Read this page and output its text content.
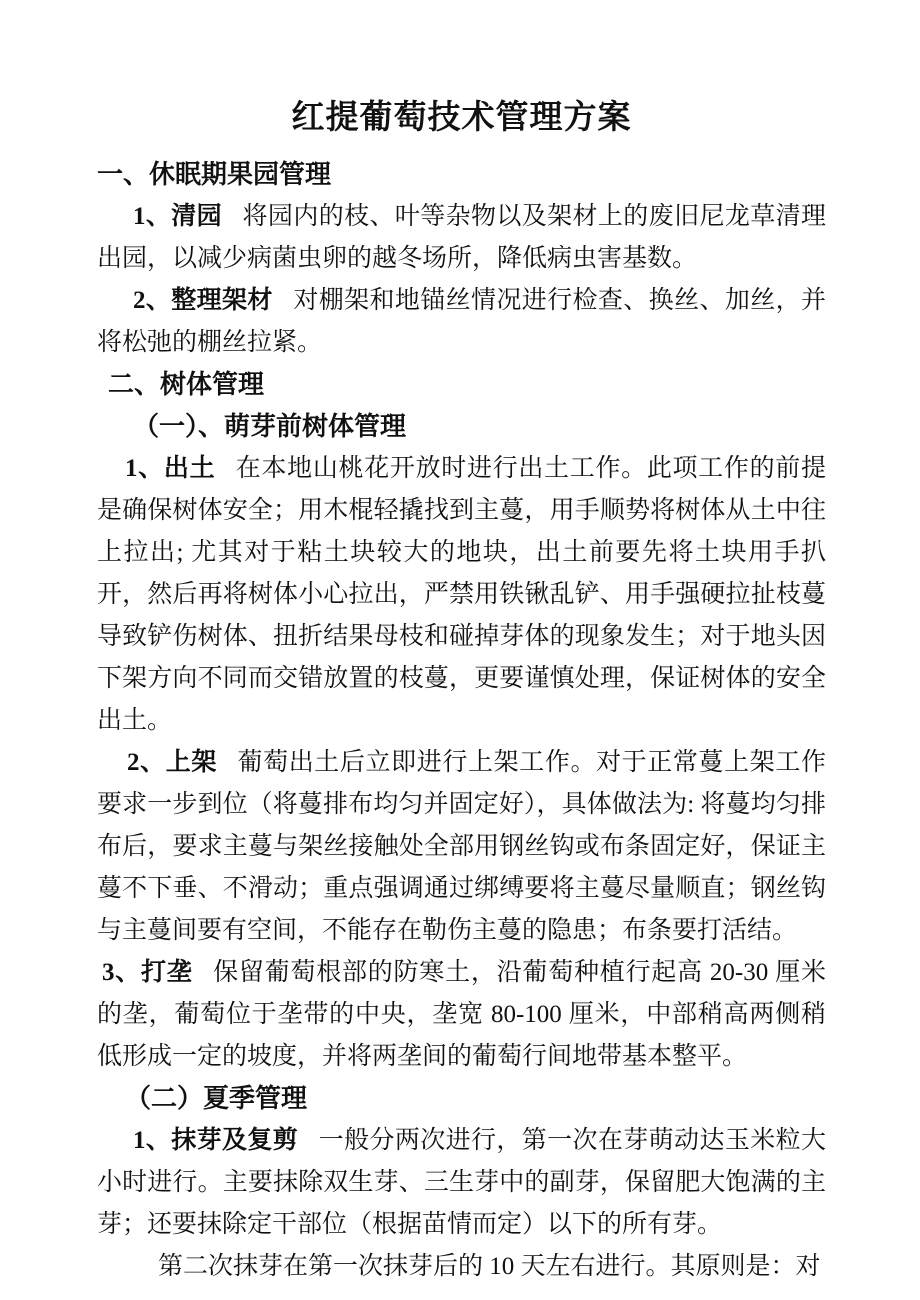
红提葡萄技术管理方案
一、休眠期果园管理

1、清园 将园内的枝、叶等杂物以及架材上的废旧尼龙草清理出园，以减少病菌虫卵的越冬场所，降低病虫害基数。

2、整理架材 对棚架和地锚丝情况进行检查、换丝、加丝，并将松弛的棚丝拉紧。

二、树体管理
（一）、萌芽前树体管理

1、出土 在本地山桃花开放时进行出土工作。此项工作的前提是确保树体安全；用木棍轻撬找到主蔓，用手顺势将树体从土中往上拉出; 尤其对于粘土块较大的地块，出土前要先将土块用手扒开，然后再将树体小心拉出，严禁用铁锹乱铲、用手强硬拉扯枝蔓导致铲伤树体、扭折结果母枝和碰掉芽体的现象发生；对于地头因下架方向不同而交错放置的枝蔓，更要谨慎处理，保证树体的安全出土。

2、上架 葡萄出土后立即进行上架工作。对于正常蔓上架工作要求一步到位（将蔓排布均匀并固定好），具体做法为: 将蔓均匀排布后，要求主蔓与架丝接触处全部用钢丝钩或布条固定好，保证主蔓不下垂、不滑动；重点强调通过绑缚要将主蔓尽量顺直；钢丝钩与主蔓间要有空间，不能存在勒伤主蔓的隐患；布条要打活结。

3、打垄 保留葡萄根部的防寒土，沿葡萄种植行起高 20-30 厘米的垄，葡萄位于垄带的中央，垄宽 80-100 厘米，中部稍高两侧稍低形成一定的坡度，并将两垄间的葡萄行间地带基本整平。

（二）夏季管理

1、抹芽及复剪 一般分两次进行，第一次在芽萌动达玉米粒大小时进行。主要抹除双生芽、三生芽中的副芽，保留肥大饱满的主芽；还要抹除定干部位（根据苗情而定）以下的所有芽。

第二次抹芽在第一次抹芽后的 10 天左右进行。其原则是：对
